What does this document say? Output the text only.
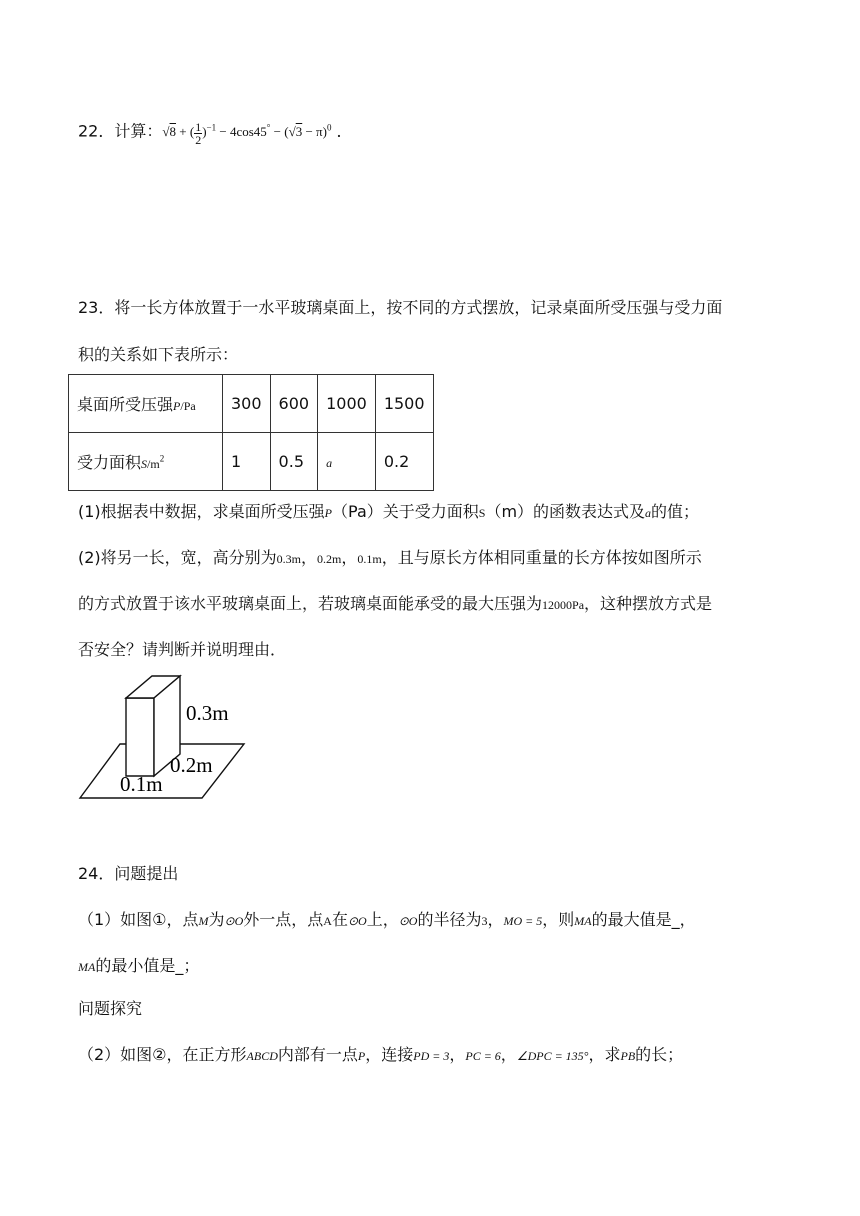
22．计算：√8 + ( $\frac{1}{2} )^{-1} - 4\cos 45^\circ - (√3 - \pi)^0$ ．
23．将一长方体放置于一水平玻璃桌面上，按不同的方式摆放，记录桌面所受压强与受力面
积的关系如下表所示：
桌面所受压强P/Pa	300	600	1000	1500
受力面积$S/m^2$	1	0.5	a	0.2
(1)根据表中数据，求桌面所受压强P（Pa）关于受力面积S（m）的函数表达式及a的值；
(2)将另一长，宽，高分别为0.3m，0.2m，0.1m，且与原长方体相同重量的长方体按如图所示
的方式放置于该水平玻璃桌面上，若玻璃桌面能承受的最大压强为12000Pa，这种摆放方式是
否安全？请判断并说明理由．
0.3m
0.2m
0.1m
24．问题提出
（1）如图①，点M为⊙O外一点，点A在⊙O上，⊙O的半径为3，MO = 5，则MA的最大值是_，
MA的最小值是_；
问题探究
（2）如图②，在正方形ABCD内部有一点P，连接PD = 3，PC = 6，∠DPC = 135°，求PB的长；
